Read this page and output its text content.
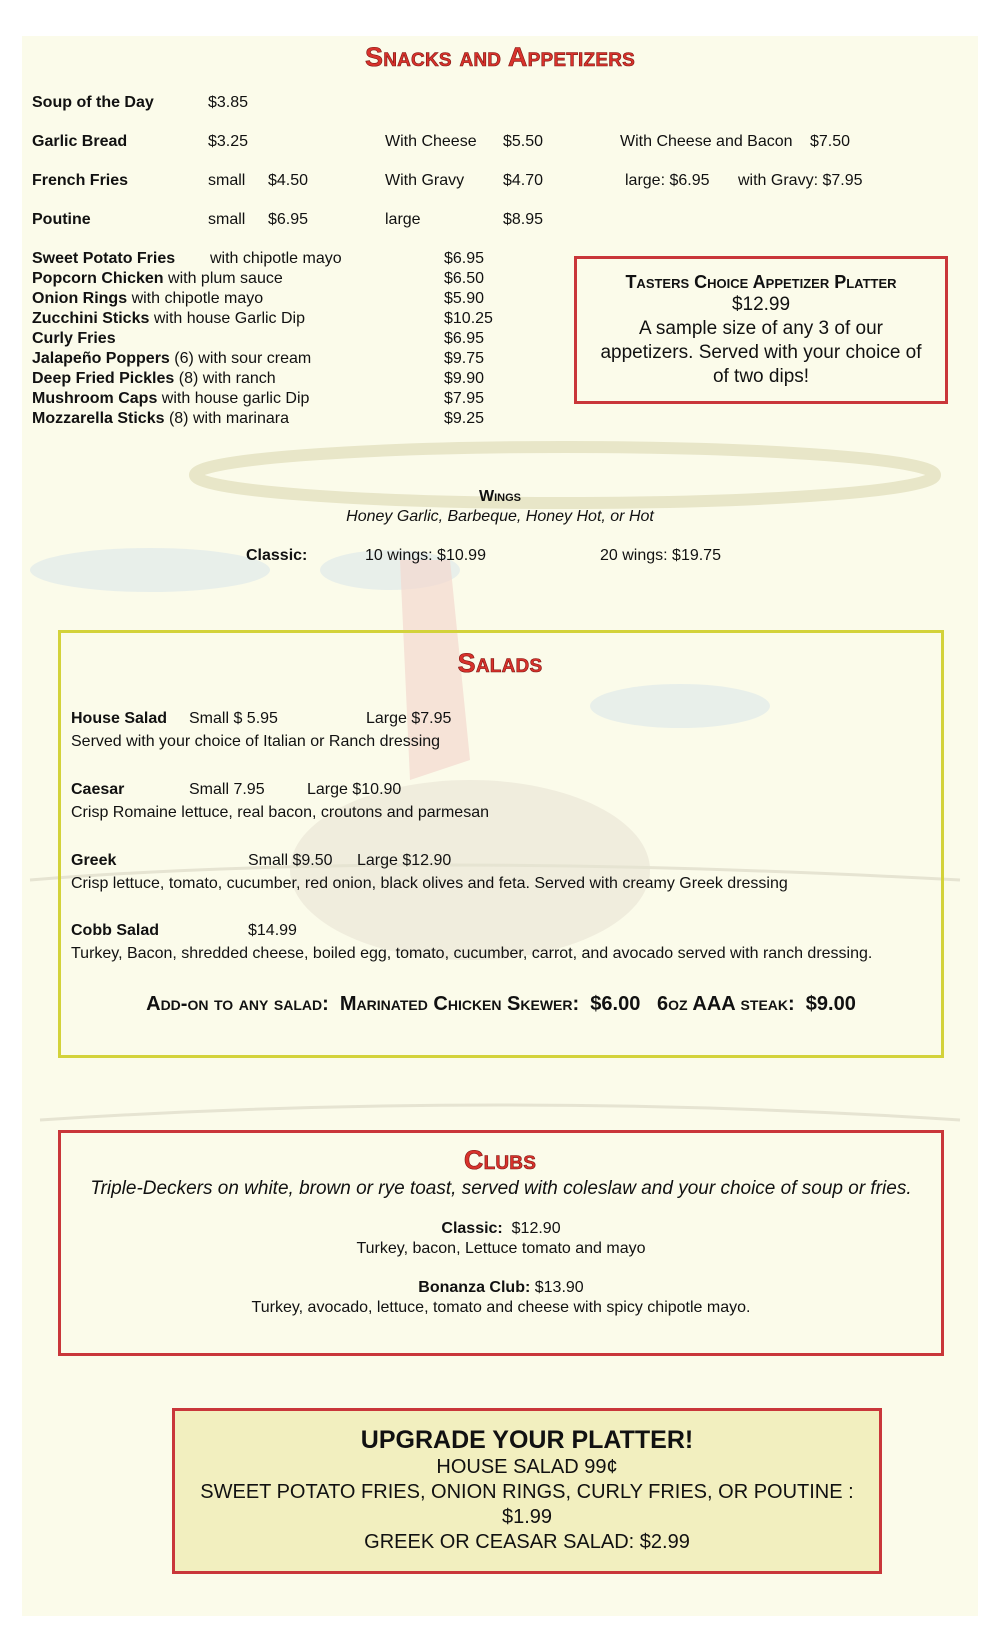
Snacks and Appetizers
Soup of the Day	$3.85
Garlic Bread	$3.25	With Cheese $5.50	With Cheese and Bacon $7.50
French Fries	small $4.50	With Gravy $4.70	large: $6.95 with Gravy: $7.95
Poutine	small $6.95	large	$8.95
Sweet Potato Fries with chipotle mayo	$6.95
Popcorn Chicken with plum sauce	$6.50
Onion Rings with chipotle mayo	$5.90
Zucchini Sticks with house Garlic Dip	$10.25
Curly Fries	$6.95
Jalapeño Poppers (6) with sour cream	$9.75
Deep Fried Pickles (8) with ranch	$9.90
Mushroom Caps with house garlic Dip	$7.95
Mozzarella Sticks (8) with marinara	$9.25
Tasters Choice Appetizer Platter
$12.99
A sample size of any 3 of our
appetizers. Served with your choice of
of two dips!
Wings
Honey Garlic, Barbeque, Honey Hot, or Hot
Classic:	10 wings: $10.99	20 wings: $19.75
Salads
House Salad Small $ 5.95	Large $7.95
Served with your choice of Italian or Ranch dressing
Caesar	Small 7.95	Large $10.90
Crisp Romaine lettuce, real bacon, croutons and parmesan
Greek	Small $9.50 Large $12.90
Crisp lettuce, tomato, cucumber, red onion, black olives and feta. Served with creamy Greek dressing
Cobb Salad	$14.99
Turkey, Bacon, shredded cheese, boiled egg, tomato, cucumber, carrot, and avocado served with ranch dressing.
Add-on to any salad: Marinated Chicken Skewer: $6.00 6oz AAA steak: $9.00
Clubs
Triple-Deckers on white, brown or rye toast, served with coleslaw and your choice of soup or fries.
Classic: $12.90
Turkey, bacon, Lettuce tomato and mayo
Bonanza Club: $13.90
Turkey, avocado, lettuce, tomato and cheese with spicy chipotle mayo.
UPGRADE YOUR PLATTER!
HOUSE SALAD 99¢
SWEET POTATO FRIES, ONION RINGS, CURLY FRIES, OR POUTINE :
$1.99
GREEK OR CEASAR SALAD: $2.99
